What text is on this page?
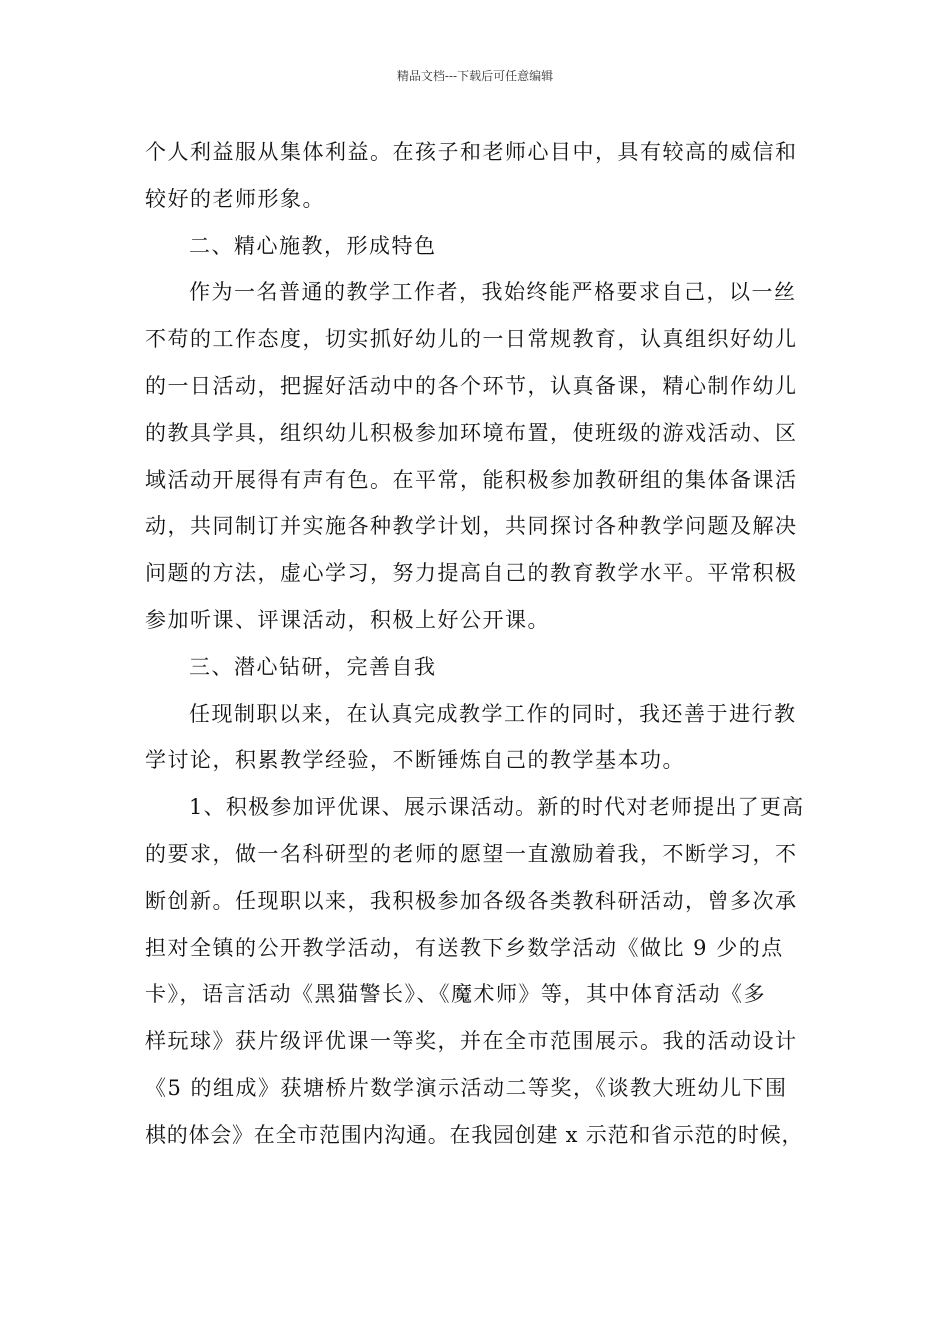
精品文档---下载后可任意编辑
个人利益服从集体利益。在孩子和老师心目中，具有较高的威信和
较好的老师形象。
二、精心施教，形成特色
作为一名普通的教学工作者，我始终能严格要求自己，以一丝
不苟的工作态度，切实抓好幼儿的一日常规教育，认真组织好幼儿
的一日活动，把握好活动中的各个环节，认真备课，精心制作幼儿
的教具学具，组织幼儿积极参加环境布置，使班级的游戏活动、区
域活动开展得有声有色。在平常，能积极参加教研组的集体备课活
动，共同制订并实施各种教学计划，共同探讨各种教学问题及解决
问题的方法，虚心学习，努力提高自己的教育教学水平。平常积极
参加听课、评课活动，积极上好公开课。
三、潜心钻研，完善自我
任现制职以来，在认真完成教学工作的同时，我还善于进行教
学讨论，积累教学经验，不断锤炼自己的教学基本功。
1、积极参加评优课、展示课活动。新的时代对老师提出了更高
的要求，做一名科研型的老师的愿望一直激励着我，不断学习，不
断创新。任现职以来，我积极参加各级各类教科研活动，曾多次承
担对全镇的公开教学活动，有送教下乡数学活动《做比 9 少的点
卡》，语言活动《黑猫警长》、《魔术师》等，其中体育活动《多
样玩球》获片级评优课一等奖，并在全市范围展示。我的活动设计
《5 的组成》获塘桥片数学演示活动二等奖，《谈教大班幼儿下围
棋的体会》在全市范围内沟通。在我园创建 x 示范和省示范的时候，
